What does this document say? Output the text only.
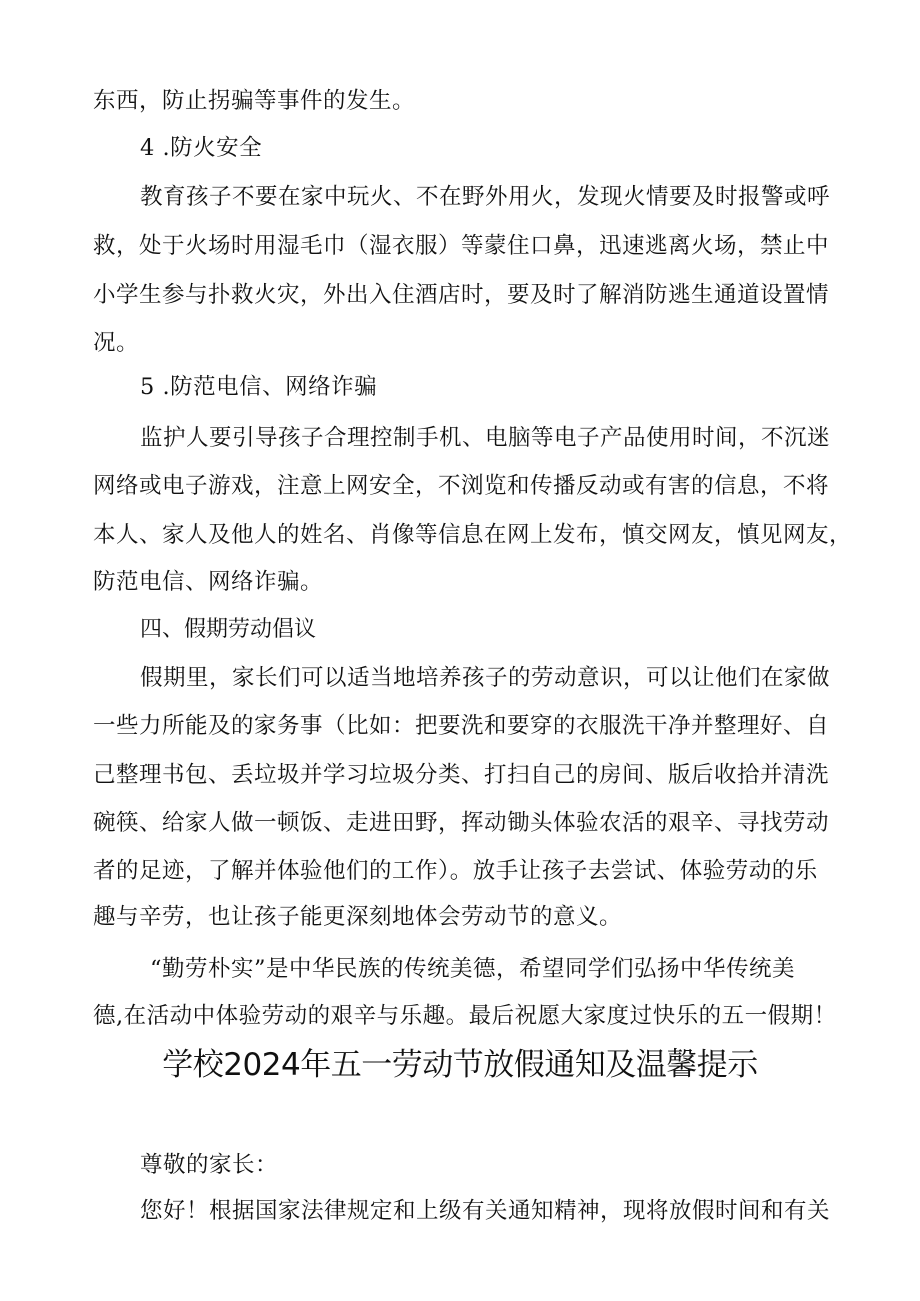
东西，防止拐骗等事件的发生。
4 .防火安全
教育孩子不要在家中玩火、不在野外用火，发现火情要及时报警或呼
救，处于火场时用湿毛巾（湿衣服）等蒙住口鼻，迅速逃离火场，禁止中
小学生参与扑救火灾，外出入住酒店时，要及时了解消防逃生通道设置情
况。
5 .防范电信、网络诈骗
监护人要引导孩子合理控制手机、电脑等电子产品使用时间，不沉迷
网络或电子游戏，注意上网安全，不浏览和传播反动或有害的信息，不将
本人、家人及他人的姓名、肖像等信息在网上发布，慎交网友，慎见网友，
防范电信、网络诈骗。
四、假期劳动倡议
假期里，家长们可以适当地培养孩子的劳动意识，可以让他们在家做
一些力所能及的家务事（比如：把要洗和要穿的衣服洗干净并整理好、自
己整理书包、丢垃圾并学习垃圾分类、打扫自己的房间、版后收拾并清洗
碗筷、给家人做一顿饭、走进田野，挥动锄头体验农活的艰辛、寻找劳动
者的足迹，了解并体验他们的工作）。放手让孩子去尝试、体验劳动的乐
趣与辛劳，也让孩子能更深刻地体会劳动节的意义。
“勤劳朴实”是中华民族的传统美德，希望同学们弘扬中华传统美
德,在活动中体验劳动的艰辛与乐趣。最后祝愿大家度过快乐的五一假期！
学校2024年五一劳动节放假通知及温馨提示
尊敬的家长：
您好！根据国家法律规定和上级有关通知精神，现将放假时间和有关
